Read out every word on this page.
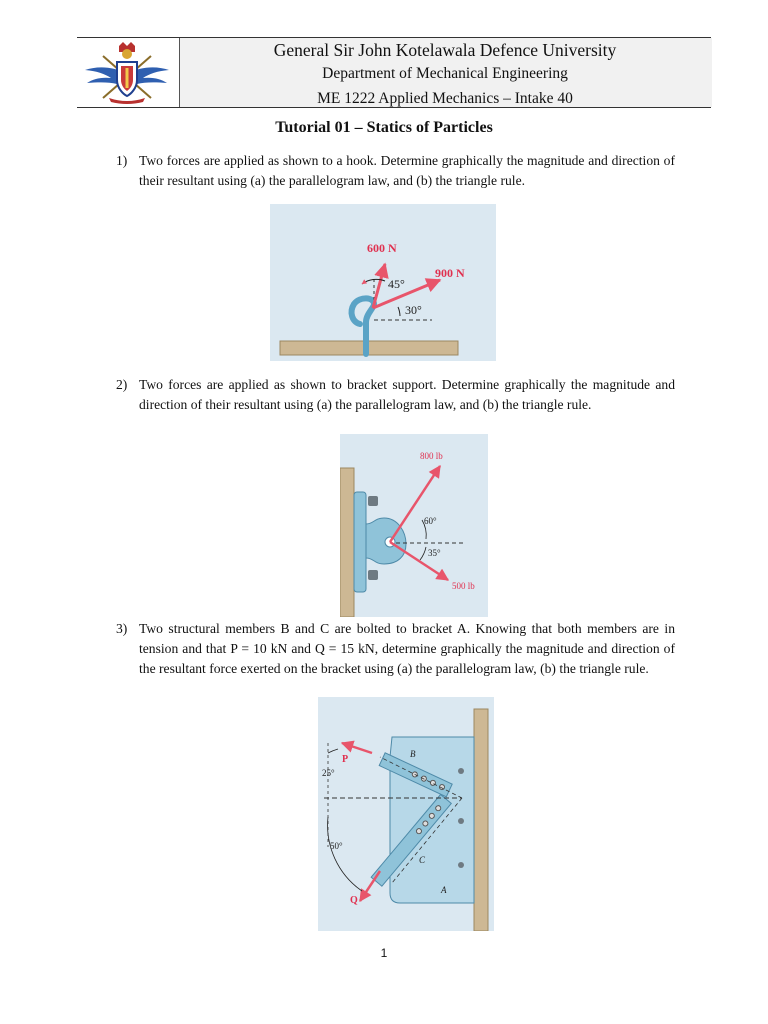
General Sir John Kotelawala Defence University
Department of Mechanical Engineering
ME 1222 Applied Mechanics – Intake 40
Tutorial 01 – Statics of Particles
1) Two forces are applied as shown to a hook. Determine graphically the magnitude and direction of their resultant using (a) the parallelogram law, and (b) the triangle rule.
600 N
900 N
45°
30°
2) Two forces are applied as shown to bracket support. Determine graphically the magnitude and direction of their resultant using (a) the parallelogram law, and (b) the triangle rule.
800 lb
500 lb
60°
35°
3) Two structural members B and C are bolted to bracket A. Knowing that both members are in tension and that P = 10 kN and Q = 15 kN, determine graphically the magnitude and direction of the resultant force exerted on the bracket using (a) the parallelogram law, (b) the triangle rule.
P
Q
25°
50°
B
C
A
1
